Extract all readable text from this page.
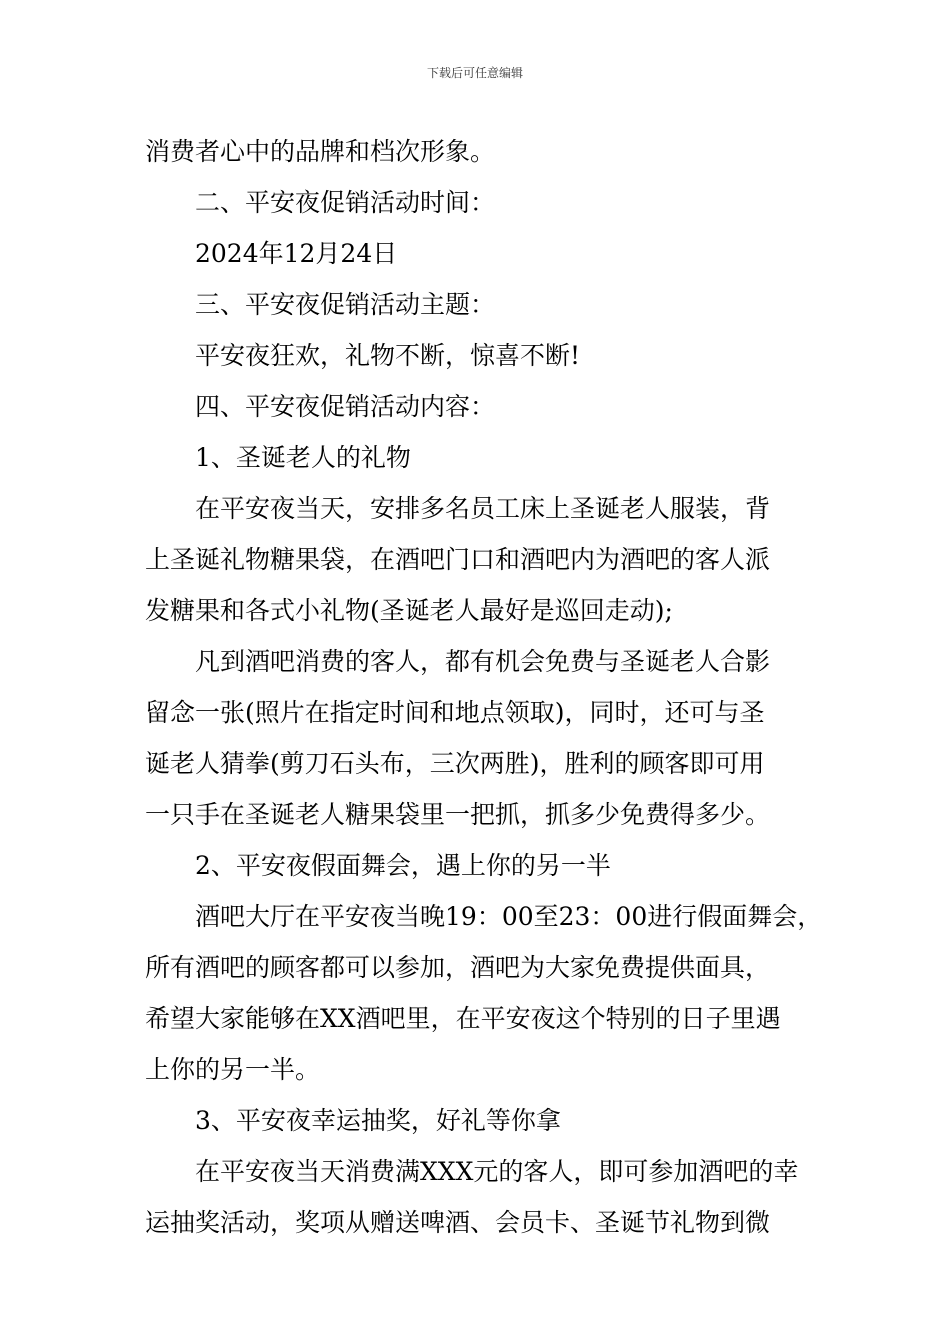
下载后可任意编辑
消费者心中的品牌和档次形象。
二、平安夜促销活动时间：
2024年12月24日
三、平安夜促销活动主题：
平安夜狂欢，礼物不断，惊喜不断!
四、平安夜促销活动内容：
1、圣诞老人的礼物
在平安夜当天，安排多名员工床上圣诞老人服装，背
上圣诞礼物糖果袋，在酒吧门口和酒吧内为酒吧的客人派
发糖果和各式小礼物(圣诞老人最好是巡回走动);
凡到酒吧消费的客人，都有机会免费与圣诞老人合影
留念一张(照片在指定时间和地点领取)，同时，还可与圣
诞老人猜拳(剪刀石头布，三次两胜)，胜利的顾客即可用
一只手在圣诞老人糖果袋里一把抓，抓多少免费得多少。
2、平安夜假面舞会，遇上你的另一半
酒吧大厅在平安夜当晚19：00至23：00进行假面舞会，
所有酒吧的顾客都可以参加，酒吧为大家免费提供面具，
希望大家能够在XX酒吧里，在平安夜这个特别的日子里遇
上你的另一半。
3、平安夜幸运抽奖，好礼等你拿
在平安夜当天消费满XXX元的客人，即可参加酒吧的幸
运抽奖活动，奖项从赠送啤酒、会员卡、圣诞节礼物到微
